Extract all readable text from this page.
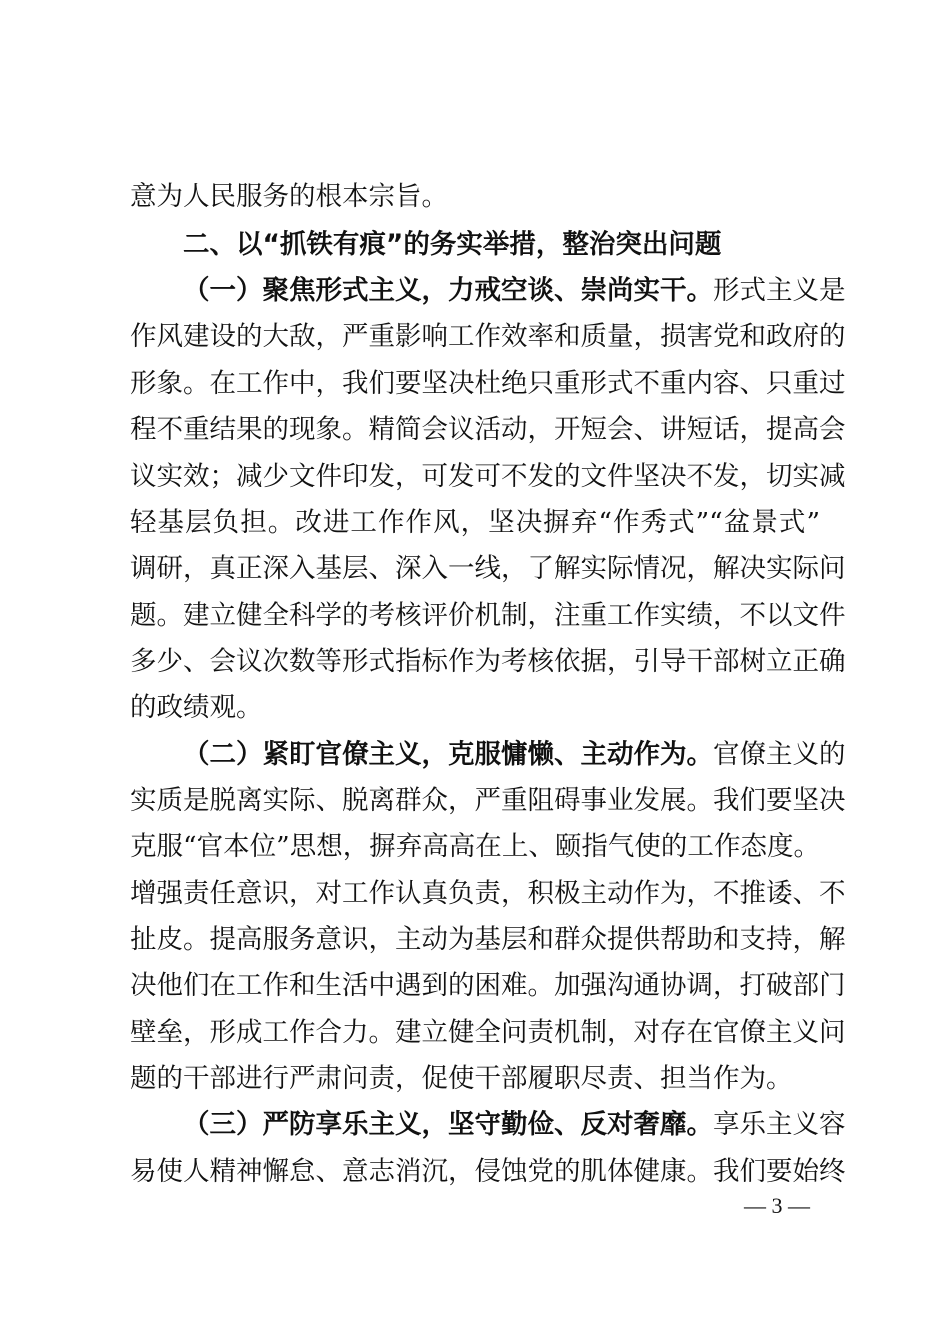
意为人民服务的根本宗旨。
二、以“抓铁有痕”的务实举措，整治突出问题
（一）聚焦形式主义，力戒空谈、崇尚实干。形式主义是
作风建设的大敌，严重影响工作效率和质量，损害党和政府的
形象。在工作中，我们要坚决杜绝只重形式不重内容、只重过
程不重结果的现象。精简会议活动，开短会、讲短话，提高会
议实效；减少文件印发，可发可不发的文件坚决不发，切实减
轻基层负担。改进工作作风，坚决摒弃“作秀式”“盆景式”
调研，真正深入基层、深入一线，了解实际情况，解决实际问
题。建立健全科学的考核评价机制，注重工作实绩，不以文件
多少、会议次数等形式指标作为考核依据，引导干部树立正确
的政绩观。
（二）紧盯官僚主义，克服慵懒、主动作为。官僚主义的
实质是脱离实际、脱离群众，严重阻碍事业发展。我们要坚决
克服“官本位”思想，摒弃高高在上、颐指气使的工作态度。
增强责任意识，对工作认真负责，积极主动作为，不推诿、不
扯皮。提高服务意识，主动为基层和群众提供帮助和支持，解
决他们在工作和生活中遇到的困难。加强沟通协调，打破部门
壁垒，形成工作合力。建立健全问责机制，对存在官僚主义问
题的干部进行严肃问责，促使干部履职尽责、担当作为。
（三）严防享乐主义，坚守勤俭、反对奢靡。享乐主义容
易使人精神懈怠、意志消沉，侵蚀党的肌体健康。我们要始终
— 3 —
